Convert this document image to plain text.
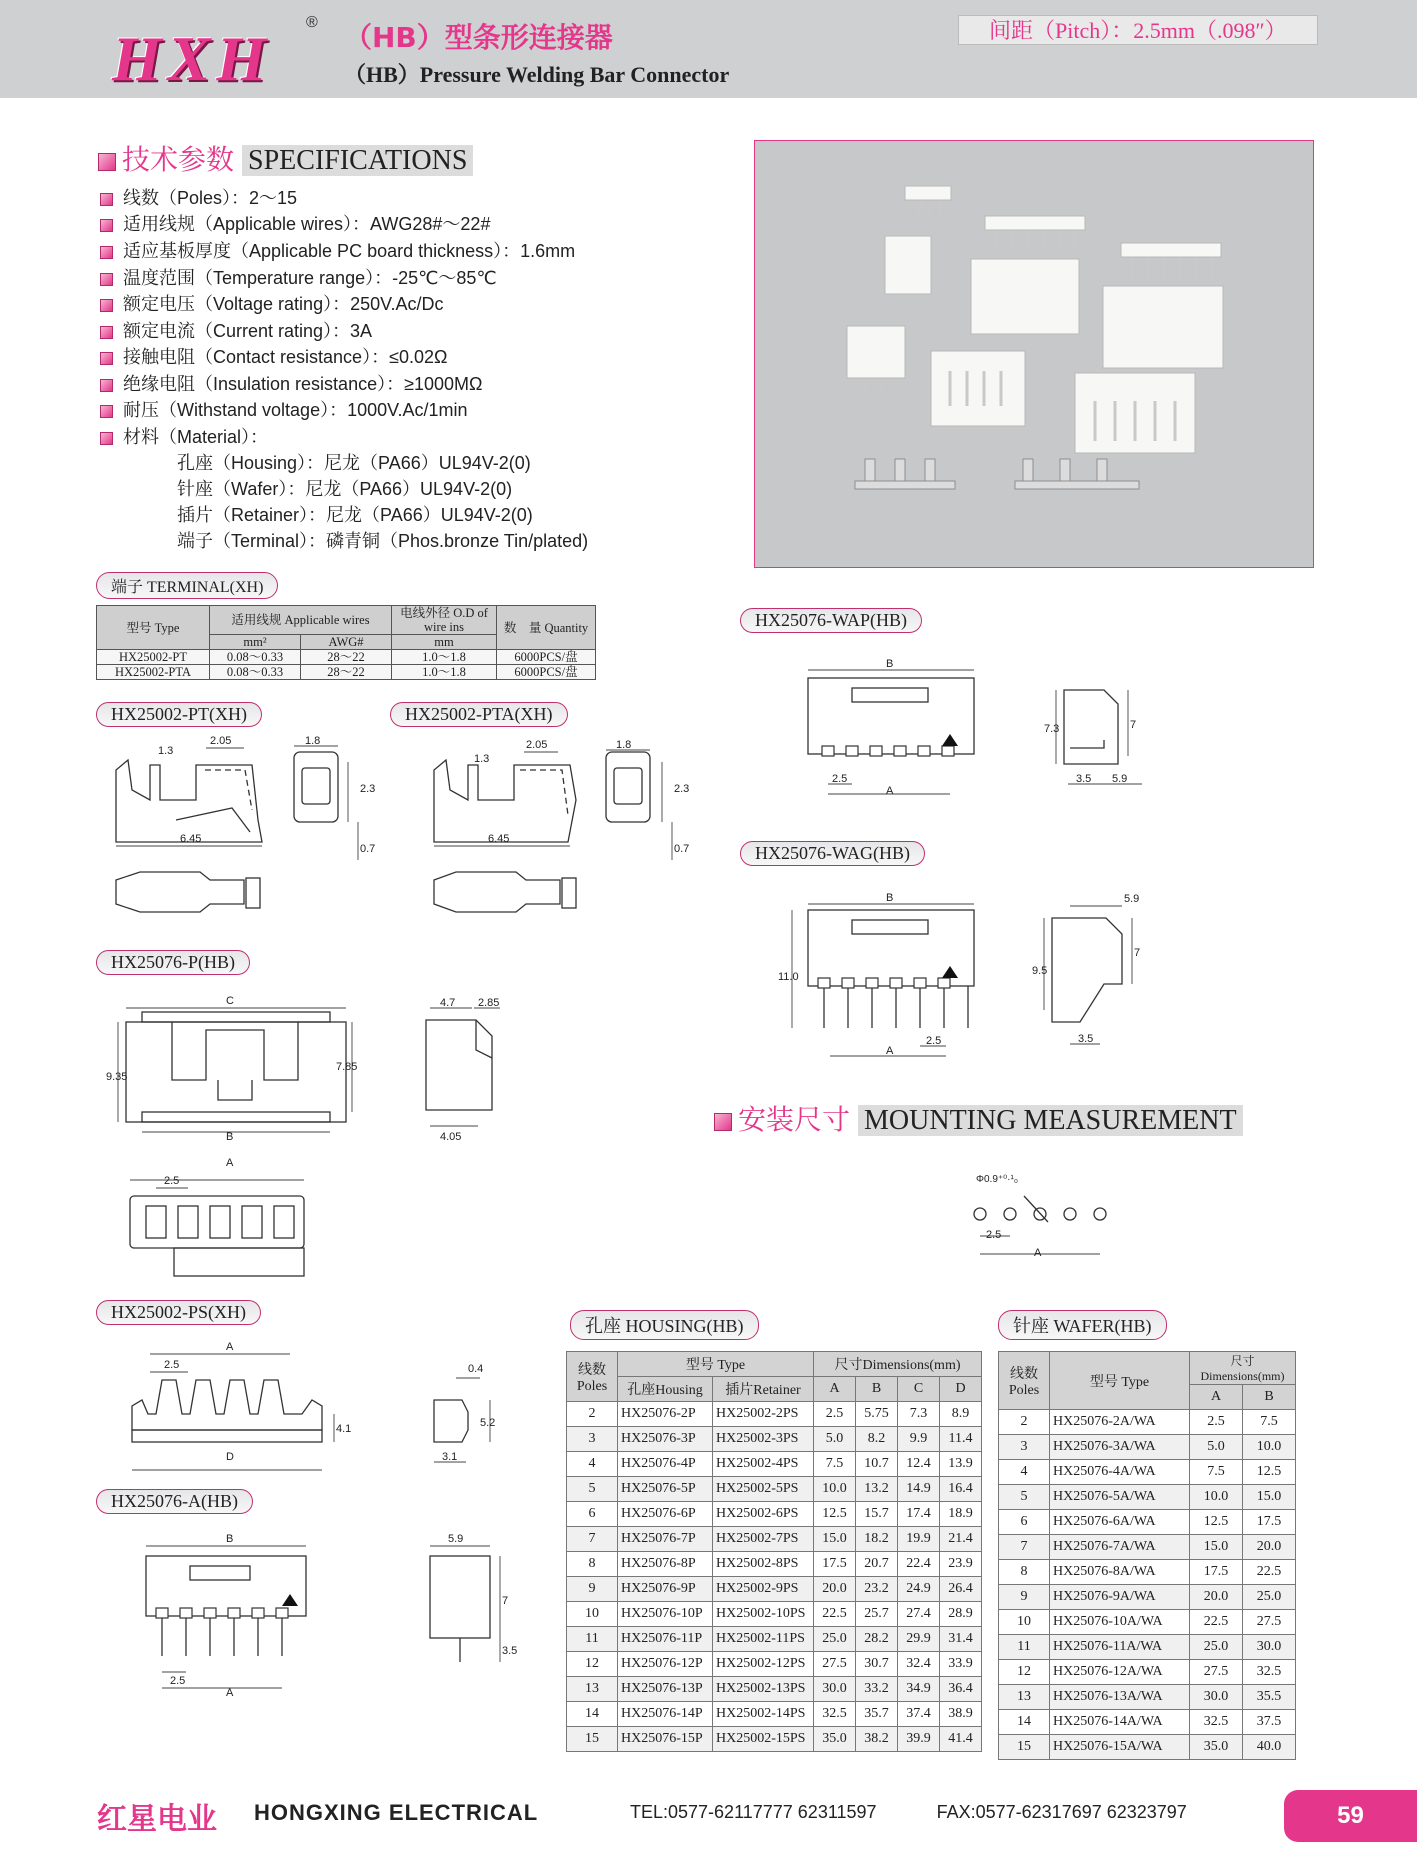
HXH
® （HB）型条形连接器
（HB）Pressure Welding Bar Connector
间距（Pitch）：2.5mm（.098″）
技术参数 SPECIFICATIONS
线数（Poles）：2～15
适用线规（Applicable wires）：AWG28#～22#
适应基板厚度（Applicable PC board thickness）：1.6mm
温度范围（Temperature range）：-25℃～85℃
额定电压（Voltage rating）：250V.Ac/Dc
额定电流（Current rating）：3A
接触电阻（Contact resistance）：≤0.02Ω
绝缘电阻（Insulation resistance）：≥1000MΩ
耐压（Withstand voltage）：1000V.Ac/1min
材料（Material）：
孔座（Housing）：尼龙（PA66）UL94V-2(0)
针座（Wafer）：尼龙（PA66）UL94V-2(0)
插片（Retainer）：尼龙（PA66）UL94V-2(0)
端子（Terminal）：磷青铜（Phos.bronze Tin/plated)
端子 TERMINAL(XH)
型号 Type	适用线规 Applicable wires		电线外径 O.D of wire ins	数　量 Quantity
	mm²	AWG#	mm	
HX25002-PT	0.08～0.33	28～22	1.0～1.8	6000PCS/盘
HX25002-PTA	0.08～0.33	28～22	1.0～1.8	6000PCS/盘
HX25002-PT(XH)	HX25002-PTA(XH)
HX25076-P(HB)
HX25002-PS(XH)
HX25076-A(HB)
HX25076-WAP(HB)
HX25076-WAG(HB)
6.45	6.45
1.3
1.3
2.05	2.05
1.8	1.8
2.3	2.3
0.7	0.7
C
B
9.35
7.85
4.7 2.85
4.05
A
2.5
A
2.5
D
0.4
5.2
4.1
3.1
B
A
2.5
5.9
7
3.5
B
A
2.5
7.3	7
3.5 5.9
B
A
2.5
11.0	9.5
7
5.9
3.5
Φ0.9⁺⁰·¹₀
2.5
A
安装尺寸 MOUNTING MEASUREMENT
孔座 HOUSING(HB)
线数 Poles	型号 Type		尺寸Dimensions(mm)			
	孔座Housing	插片Retainer	A	B	C	D
2	HX25076-2P	HX25002-2PS	2.5	5.75	7.3	8.9
3	HX25076-3P	HX25002-3PS	5.0	8.2	9.9	11.4
4	HX25076-4P	HX25002-4PS	7.5	10.7	12.4	13.9
5	HX25076-5P	HX25002-5PS	10.0	13.2	14.9	16.4
6	HX25076-6P	HX25002-6PS	12.5	15.7	17.4	18.9
7	HX25076-7P	HX25002-7PS	15.0	18.2	19.9	21.4
8	HX25076-8P	HX25002-8PS	17.5	20.7	22.4	23.9
9	HX25076-9P	HX25002-9PS	20.0	23.2	24.9	26.4
10	HX25076-10P	HX25002-10PS	22.5	25.7	27.4	28.9
11	HX25076-11P	HX25002-11PS	25.0	28.2	29.9	31.4
12	HX25076-12P	HX25002-12PS	27.5	30.7	32.4	33.9
13	HX25076-13P	HX25002-13PS	30.0	33.2	34.9	36.4
14	HX25076-14P	HX25002-14PS	32.5	35.7	37.4	38.9
15	HX25076-15P	HX25002-15PS	35.0	38.2	39.9	41.4
针座 WAFER(HB)
线数 Poles	型号 Type	尺寸Dimensions(mm)	
		A	B
2	HX25076-2A/WA	2.5	7.5
3	HX25076-3A/WA	5.0	10.0
4	HX25076-4A/WA	7.5	12.5
5	HX25076-5A/WA	10.0	15.0
6	HX25076-6A/WA	12.5	17.5
7	HX25076-7A/WA	15.0	20.0
8	HX25076-8A/WA	17.5	22.5
9	HX25076-9A/WA	20.0	25.0
10	HX25076-10A/WA	22.5	27.5
11	HX25076-11A/WA	25.0	30.0
12	HX25076-12A/WA	27.5	32.5
13	HX25076-13A/WA	30.0	35.5
14	HX25076-14A/WA	32.5	37.5
15	HX25076-15A/WA	35.0	40.0
红星电业 HONGXING ELECTRICAL	TEL:0577-62117777 62311597	FAX:0577-62317697 62323797	59
